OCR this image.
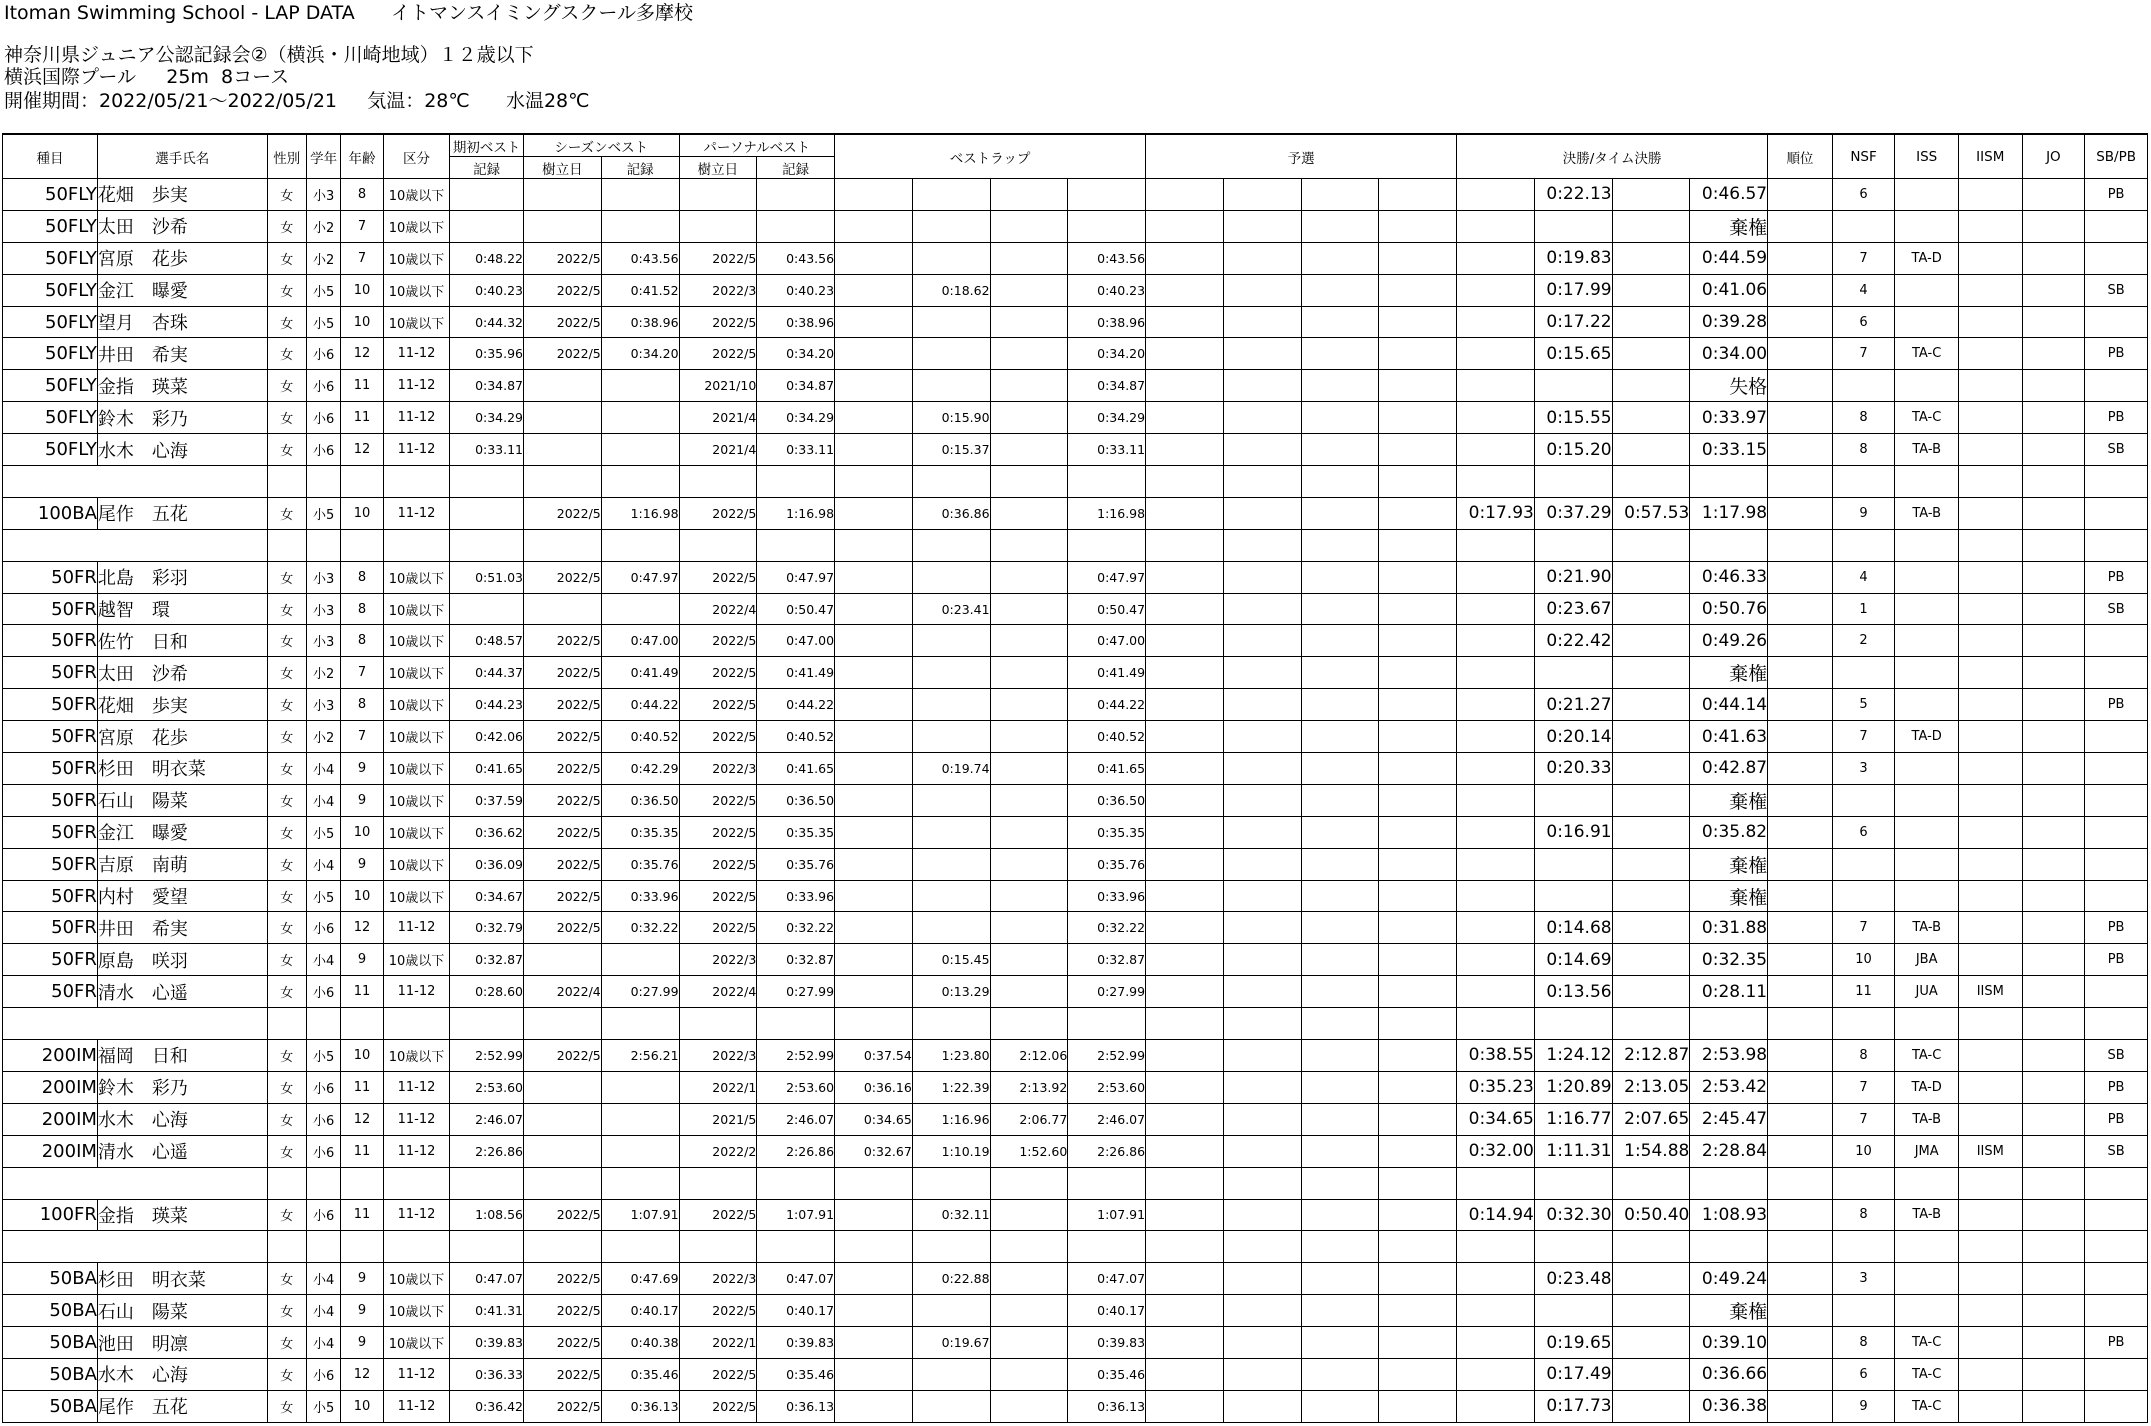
Itoman Swimming School - LAP DATA      イトマンスイミングスクール多摩校
神奈川県ジュニア公認記録会②（横浜・川崎地域）１２歳以下
横浜国際プール     25m  8コース
開催期間：2022/05/21～2022/05/21     気温：28℃      水温28℃
種目	選手氏名	性別	学年	年齢	区分	期初ベスト	シーズンベスト		パーソナルベスト		ベストラップ				予選				決勝/タイム決勝				順位	NSF	ISS	IISM	JO	SB/PB
						記録	樹立日	記録	樹立日	記録																		
50FLY	花畑　歩実	女	小3	8	10歳以下															0:22.13		0:46.57		6				PB
50FLY	太田　沙希	女	小2	7	10歳以下																	棄権						
50FLY	宮原　花歩	女	小2	7	10歳以下	0:48.22	2022/5	0:43.56	2022/5	0:43.56				0:43.56						0:19.83		0:44.59		7	TA-D			
50FLY	金江　曝愛	女	小5	10	10歳以下	0:40.23	2022/5	0:41.52	2022/3	0:40.23		0:18.62		0:40.23						0:17.99		0:41.06		4				SB
50FLY	望月　杏珠	女	小5	10	10歳以下	0:44.32	2022/5	0:38.96	2022/5	0:38.96				0:38.96						0:17.22		0:39.28		6				
50FLY	井田　希実	女	小6	12	11-12	0:35.96	2022/5	0:34.20	2022/5	0:34.20				0:34.20						0:15.65		0:34.00		7	TA-C			PB
50FLY	金指　瑛菜	女	小6	11	11-12	0:34.87			2021/10	0:34.87				0:34.87								失格						
50FLY	鈴木　彩乃	女	小6	11	11-12	0:34.29			2021/4	0:34.29		0:15.90		0:34.29						0:15.55		0:33.97		8	TA-C			PB
50FLY	水木　心海	女	小6	12	11-12	0:33.11			2021/4	0:33.11		0:15.37		0:33.11						0:15.20		0:33.15		8	TA-B			SB

100BA	尾作　五花	女	小5	10	11-12		2022/5	1:16.98	2022/5	1:16.98		0:36.86		1:16.98					0:17.93	0:37.29	0:57.53	1:17.98		9	TA-B			

50FR	北島　彩羽	女	小3	8	10歳以下	0:51.03	2022/5	0:47.97	2022/5	0:47.97				0:47.97						0:21.90		0:46.33		4				PB
50FR	越智　環	女	小3	8	10歳以下				2022/4	0:50.47		0:23.41		0:50.47						0:23.67		0:50.76		1				SB
50FR	佐竹　日和	女	小3	8	10歳以下	0:48.57	2022/5	0:47.00	2022/5	0:47.00				0:47.00						0:22.42		0:49.26		2				
50FR	太田　沙希	女	小2	7	10歳以下	0:44.37	2022/5	0:41.49	2022/5	0:41.49				0:41.49								棄権						
50FR	花畑　歩実	女	小3	8	10歳以下	0:44.23	2022/5	0:44.22	2022/5	0:44.22				0:44.22						0:21.27		0:44.14		5				PB
50FR	宮原　花歩	女	小2	7	10歳以下	0:42.06	2022/5	0:40.52	2022/5	0:40.52				0:40.52						0:20.14		0:41.63		7	TA-D			
50FR	杉田　明衣菜	女	小4	9	10歳以下	0:41.65	2022/5	0:42.29	2022/3	0:41.65		0:19.74		0:41.65						0:20.33		0:42.87		3				
50FR	石山　陽菜	女	小4	9	10歳以下	0:37.59	2022/5	0:36.50	2022/5	0:36.50				0:36.50								棄権						
50FR	金江　曝愛	女	小5	10	10歳以下	0:36.62	2022/5	0:35.35	2022/5	0:35.35				0:35.35						0:16.91		0:35.82		6				
50FR	吉原　南萌	女	小4	9	10歳以下	0:36.09	2022/5	0:35.76	2022/5	0:35.76				0:35.76								棄権						
50FR	内村　愛望	女	小5	10	10歳以下	0:34.67	2022/5	0:33.96	2022/5	0:33.96				0:33.96								棄権						
50FR	井田　希実	女	小6	12	11-12	0:32.79	2022/5	0:32.22	2022/5	0:32.22				0:32.22						0:14.68		0:31.88		7	TA-B			PB
50FR	原島　咲羽	女	小4	9	10歳以下	0:32.87			2022/3	0:32.87		0:15.45		0:32.87						0:14.69		0:32.35		10	JBA			PB
50FR	清水　心遥	女	小6	11	11-12	0:28.60	2022/4	0:27.99	2022/4	0:27.99		0:13.29		0:27.99						0:13.56		0:28.11		11	JUA	IISM		

200IM	福岡　日和	女	小5	10	10歳以下	2:52.99	2022/5	2:56.21	2022/3	2:52.99	0:37.54	1:23.80	2:12.06	2:52.99					0:38.55	1:24.12	2:12.87	2:53.98		8	TA-C			SB
200IM	鈴木　彩乃	女	小6	11	11-12	2:53.60			2022/1	2:53.60	0:36.16	1:22.39	2:13.92	2:53.60					0:35.23	1:20.89	2:13.05	2:53.42		7	TA-D			PB
200IM	水木　心海	女	小6	12	11-12	2:46.07			2021/5	2:46.07	0:34.65	1:16.96	2:06.77	2:46.07					0:34.65	1:16.77	2:07.65	2:45.47		7	TA-B			PB
200IM	清水　心遥	女	小6	11	11-12	2:26.86			2022/2	2:26.86	0:32.67	1:10.19	1:52.60	2:26.86					0:32.00	1:11.31	1:54.88	2:28.84		10	JMA	IISM		SB

100FR	金指　瑛菜	女	小6	11	11-12	1:08.56	2022/5	1:07.91	2022/5	1:07.91		0:32.11		1:07.91					0:14.94	0:32.30	0:50.40	1:08.93		8	TA-B			

50BA	杉田　明衣菜	女	小4	9	10歳以下	0:47.07	2022/5	0:47.69	2022/3	0:47.07		0:22.88		0:47.07						0:23.48		0:49.24		3				
50BA	石山　陽菜	女	小4	9	10歳以下	0:41.31	2022/5	0:40.17	2022/5	0:40.17				0:40.17								棄権						
50BA	池田　明凛	女	小4	9	10歳以下	0:39.83	2022/5	0:40.38	2022/1	0:39.83		0:19.67		0:39.83						0:19.65		0:39.10		8	TA-C			PB
50BA	水木　心海	女	小6	12	11-12	0:36.33	2022/5	0:35.46	2022/5	0:35.46				0:35.46						0:17.49		0:36.66		6	TA-C			
50BA	尾作　五花	女	小5	10	11-12	0:36.42	2022/5	0:36.13	2022/5	0:36.13				0:36.13						0:17.73		0:36.38		9	TA-C			
